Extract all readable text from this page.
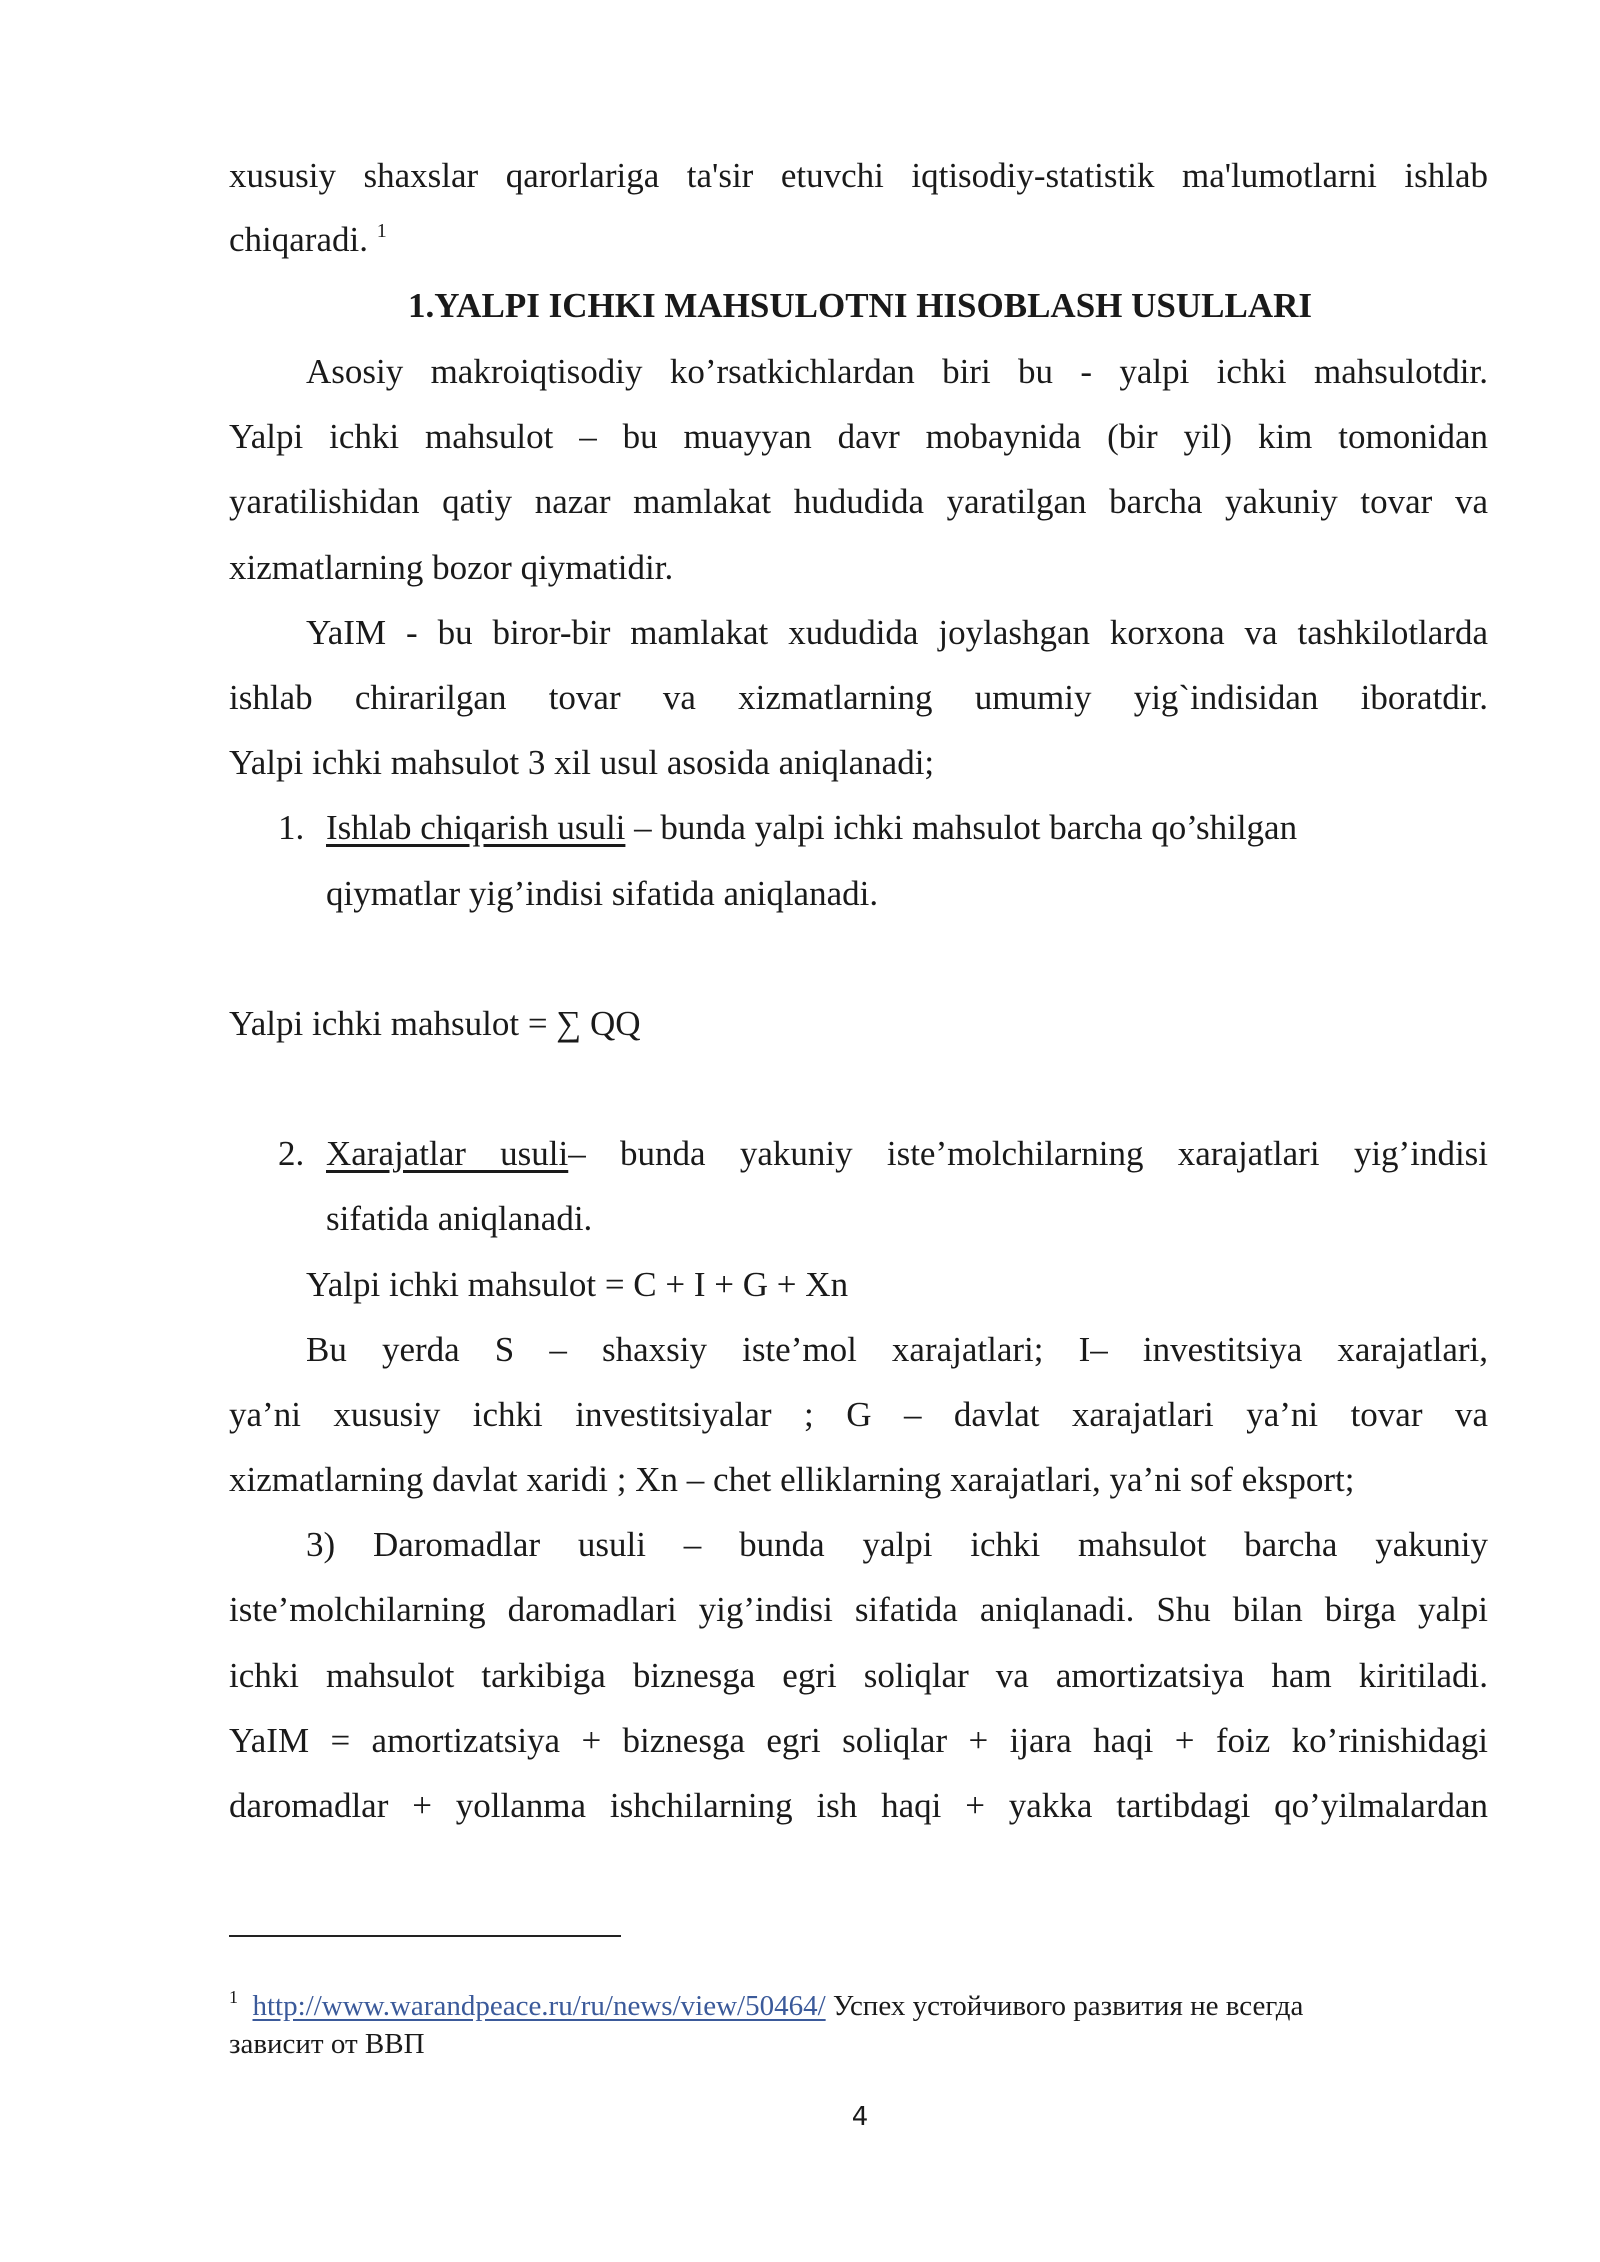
xususiy shaxslar qarorlariga ta'sir etuvchi iqtisodiy-statistik ma'lumotlarni ishlab
chiqaradi. $^1$
1.YALPI ICHKI MAHSULOTNI HISOBLASH USULLARI
Asosiy makroiqtisodiy ko’rsatkichlardan biri bu - yalpi ichki mahsulotdir.
Yalpi ichki mahsulot – bu muayyan davr mobaynida (bir yil) kim tomonidan
yaratilishidan qatiy nazar mamlakat hududida yaratilgan barcha yakuniy tovar va
xizmatlarning bozor qiymatidir.
YaIM - bu biror-bir mamlakat xududida joylashgan korxona va tashkilotlarda
ishlab chirarilgan tovar va xizmatlarning umumiy yig`indisidan iboratdir.
Yalpi ichki mahsulot 3 xil usul asosida aniqlanadi;
1. Ishlab chiqarish usuli – bunda yalpi ichki mahsulot barcha qo’shilgan
qiymatlar yig’indisi sifatida aniqlanadi.
Yalpi ichki mahsulot = ∑ QQ
2. Xarajatlar usuli– bunda yakuniy iste’molchilarning xarajatlari yig’indisi
sifatida aniqlanadi.
Yalpi ichki mahsulot = C + I + G + Xn
Bu yerda S – shaxsiy iste’mol xarajatlari; I– investitsiya xarajatlari,
ya’ni xususiy ichki investitsiyalar ; G – davlat xarajatlari ya’ni tovar va
xizmatlarning davlat xaridi ; Xn – chet elliklarning xarajatlari, ya’ni sof eksport;
3) Daromadlar usuli – bunda yalpi ichki mahsulot barcha yakuniy
iste’molchilarning daromadlari yig’indisi sifatida aniqlanadi. Shu bilan birga yalpi
ichki mahsulot tarkibiga biznesga egri soliqlar va amortizatsiya ham kiritiladi.
YaIM = amortizatsiya + biznesga egri soliqlar + ijara haqi + foiz ko’rinishidagi
daromadlar + yollanma ishchilarning ish haqi + yakka tartibdagi qo’yilmalardan
$^1$ http://www.warandpeace.ru/ru/news/view/50464/ Успех устойчивого развития не всегда
зависит от ВВП
4
